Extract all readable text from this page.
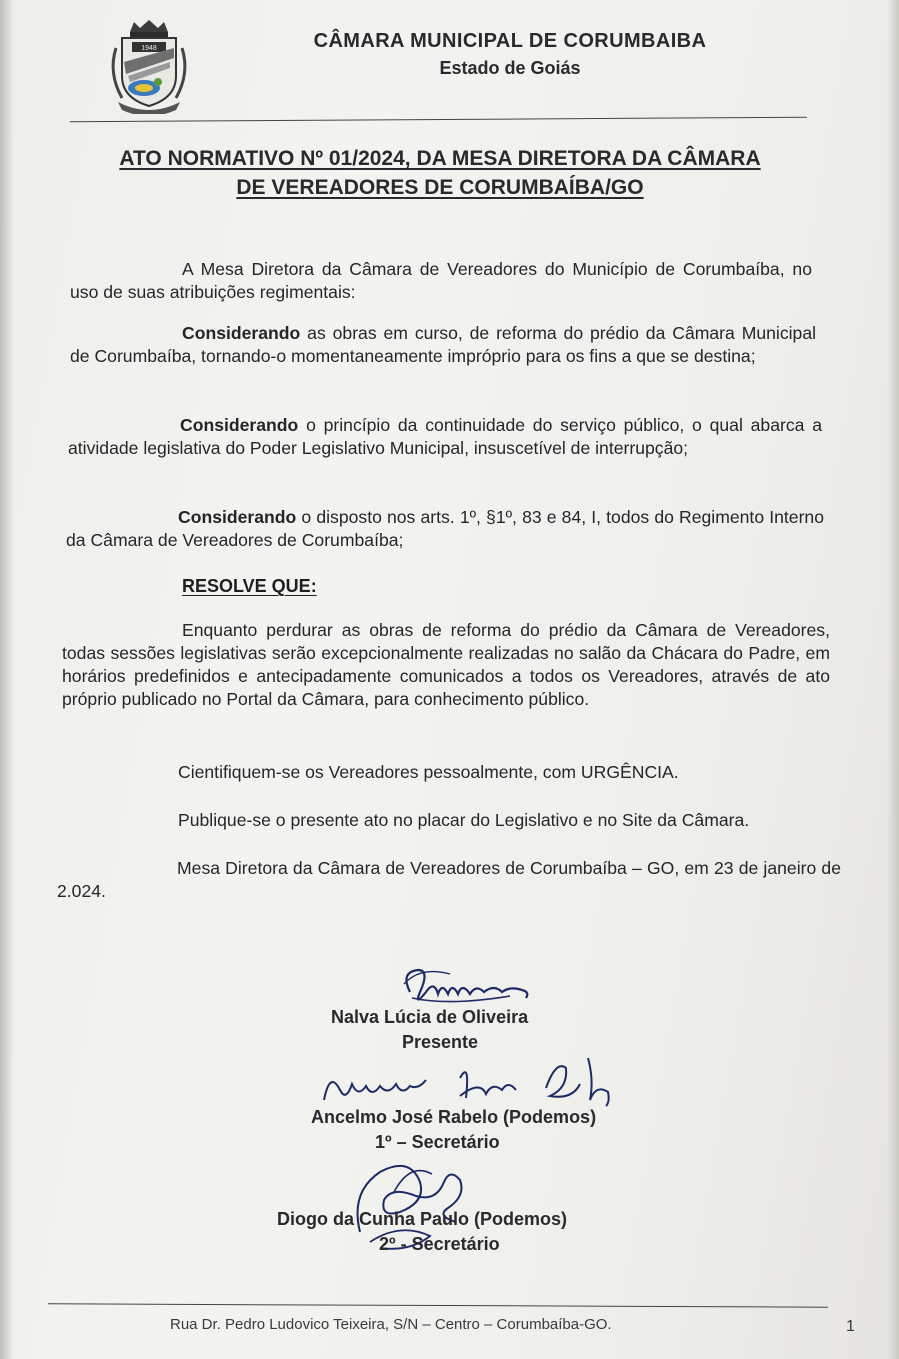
1948	CÂMARA MUNICIPAL DE CORUMBAIBA
Estado de Goiás
ATO NORMATIVO Nº 01/2024, DA MESA DIRETORA DA CÂMARA
DE VEREADORES DE CORUMBAÍBA/GO
A Mesa Diretora da Câmara de Vereadores do Município de Corumbaíba, no uso de suas atribuições regimentais:
Considerando as obras em curso, de reforma do prédio da Câmara Municipal de Corumbaíba, tornando-o momentaneamente impróprio para os fins a que se destina;
Considerando o princípio da continuidade do serviço público, o qual abarca a atividade legislativa do Poder Legislativo Municipal, insuscetível de interrupção;
Considerando o disposto nos arts. 1º, §1º, 83 e 84, I, todos do Regimento Interno da Câmara de Vereadores de Corumbaíba;
RESOLVE QUE:
Enquanto perdurar as obras de reforma do prédio da Câmara de Vereadores, todas sessões legislativas serão excepcionalmente realizadas no salão da Chácara do Padre, em horários predefinidos e antecipadamente comunicados a todos os Vereadores, através de ato próprio publicado no Portal da Câmara, para conhecimento público.
Cientifiquem-se os Vereadores pessoalmente, com URGÊNCIA.
Publique-se o presente ato no placar do Legislativo e no Site da Câmara.
Mesa Diretora da Câmara de Vereadores de Corumbaíba – GO, em 23 de janeiro de 2.024.
Nalva Lúcia de Oliveira
Presente
Ancelmo José Rabelo (Podemos)
1º – Secretário
Diogo da Cunha Paulo (Podemos)
2º - Secretário
Rua Dr. Pedro Ludovico Teixeira, S/N – Centro – Corumbaíba-GO.	1
